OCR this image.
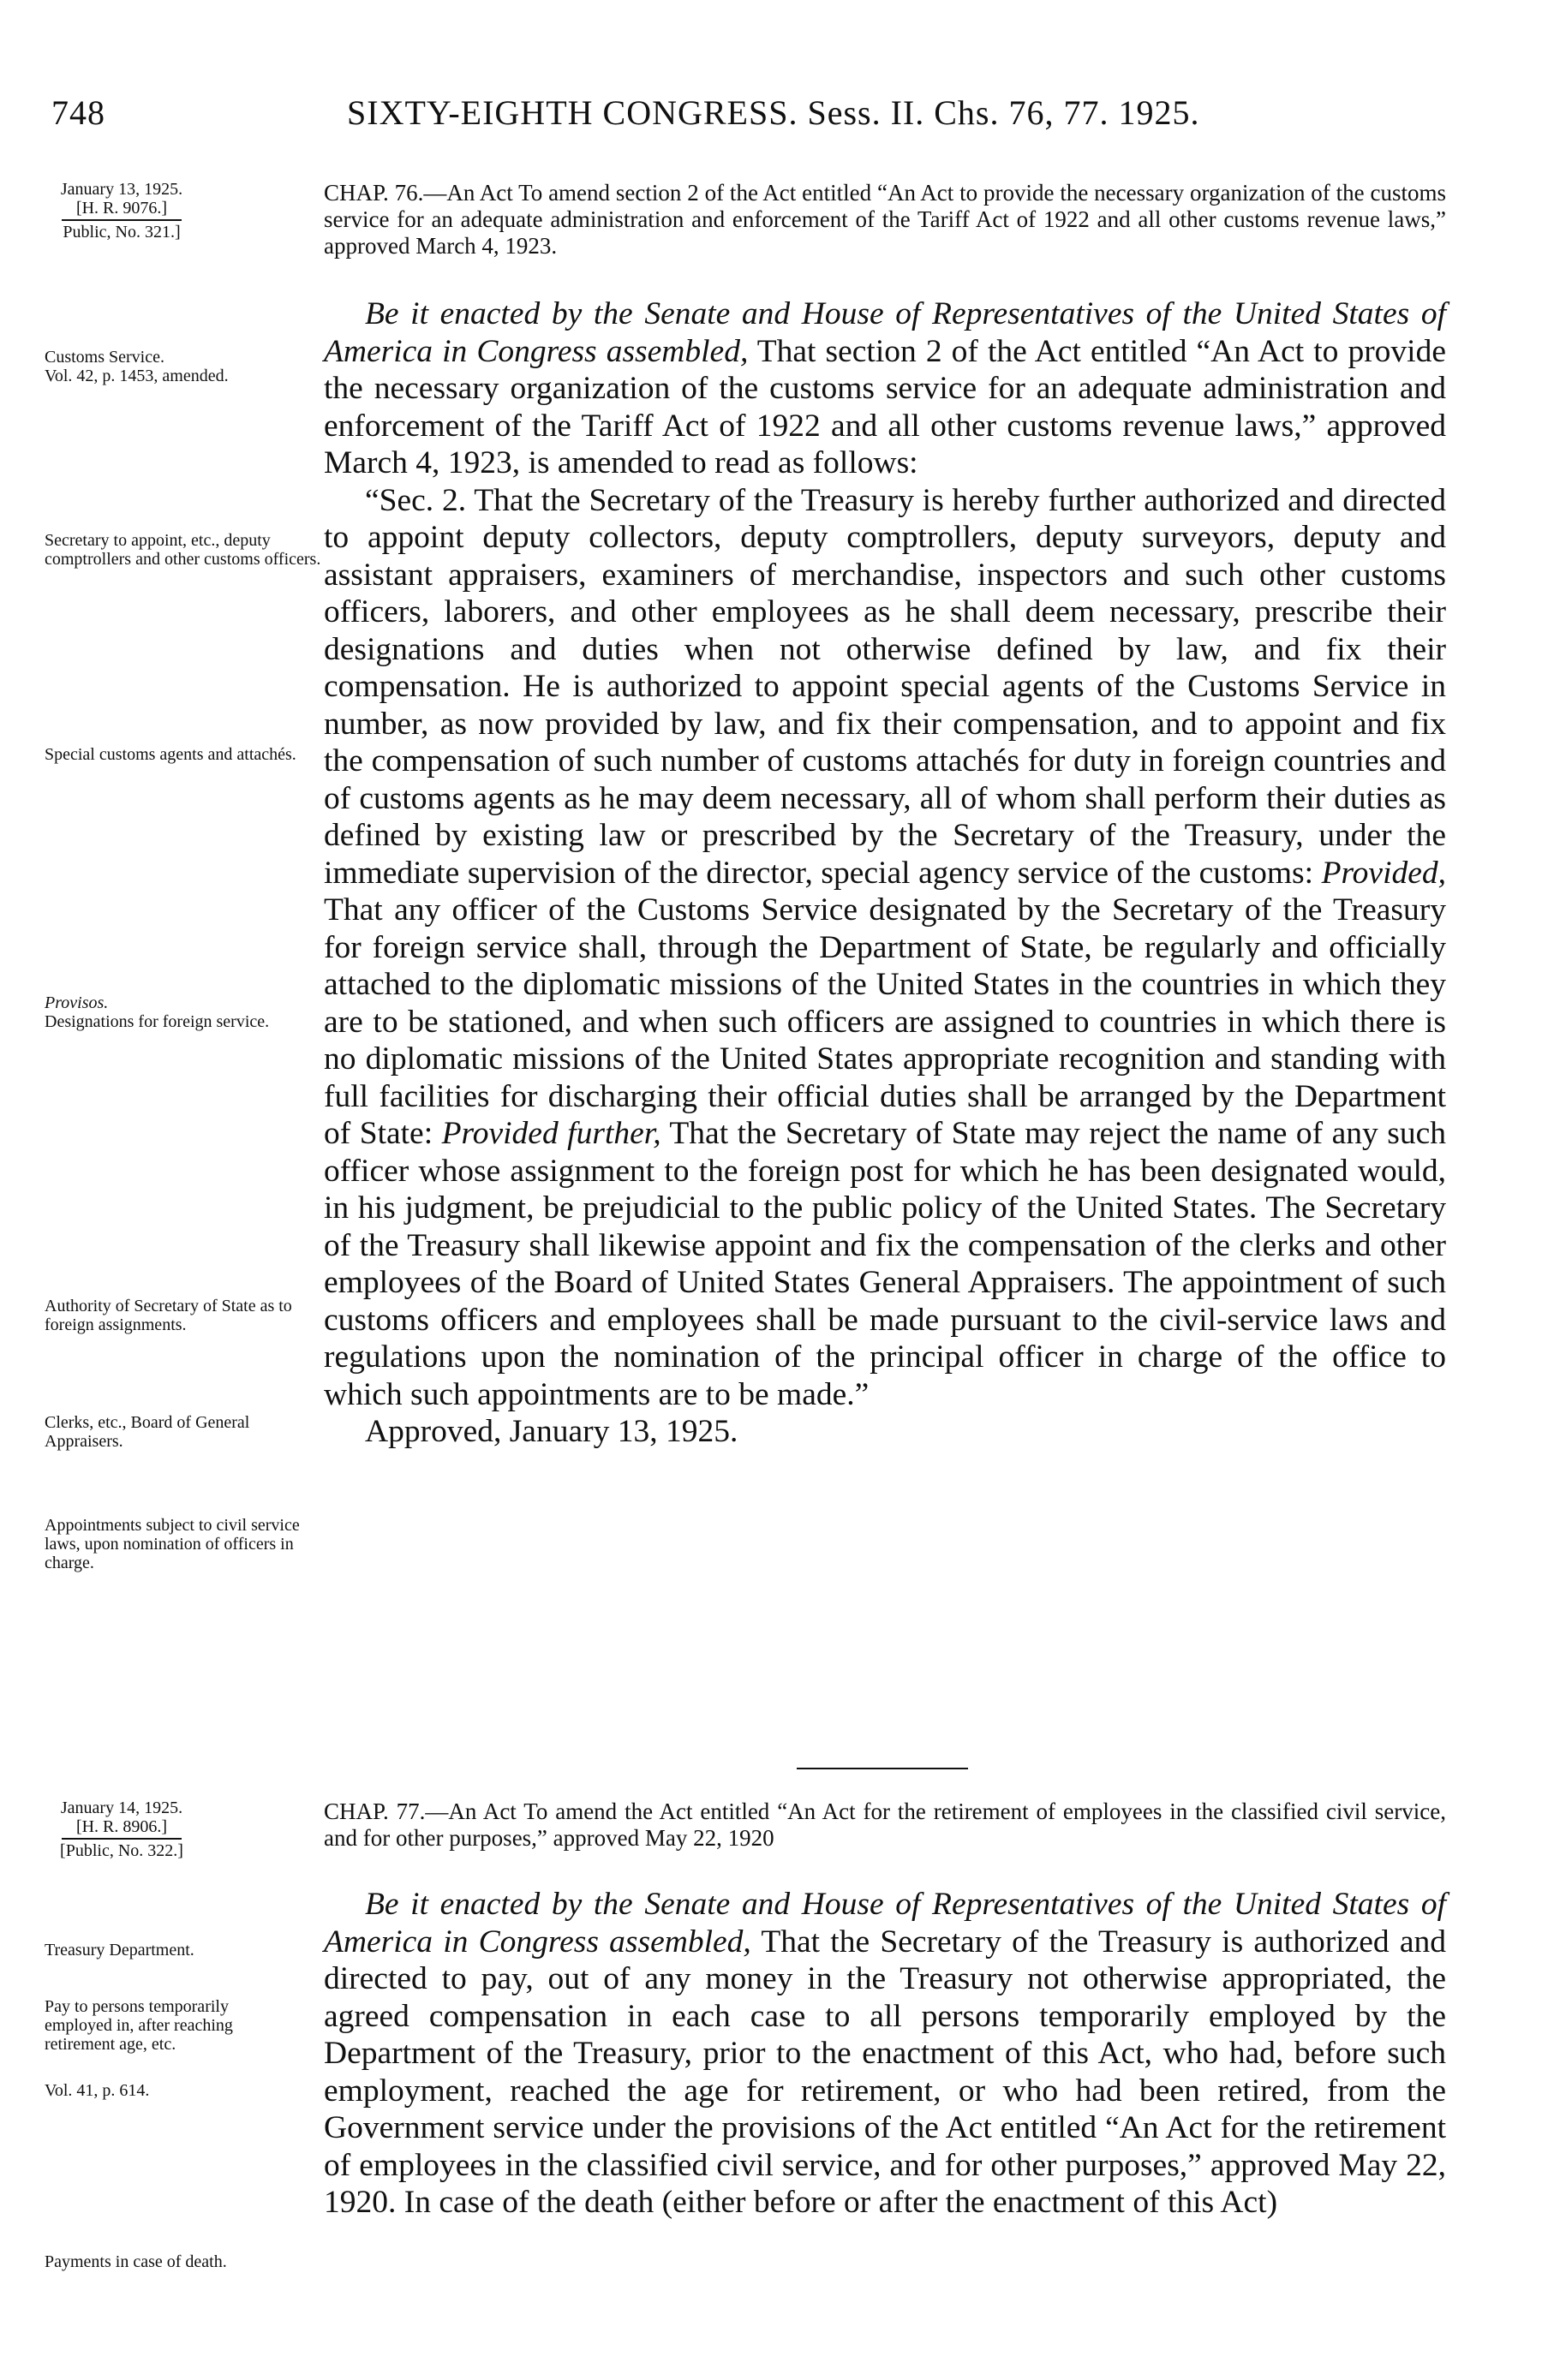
748	SIXTY-EIGHTH CONGRESS. Sess. II. Chs. 76, 77. 1925.
January 13, 1925.
[H. R. 9076.]
Public, No. 321.]
Customs Service.
Vol. 42, p. 1453, amended.
Secretary to appoint, etc., deputy comptrollers and other customs officers.
Special customs agents and attachés.
Provisos.
Designations for foreign service.
Authority of Secretary of State as to foreign assignments.
Clerks, etc., Board of General Appraisers.
Appointments subject to civil service laws, upon nomination of officers in charge.
CHAP. 76.—An Act To amend section 2 of the Act entitled “An Act to provide the necessary organization of the customs service for an adequate administration and enforcement of the Tariff Act of 1922 and all other customs revenue laws,” approved March 4, 1923.

Be it enacted by the Senate and House of Representatives of the United States of America in Congress assembled, That section 2 of the Act entitled “An Act to provide the necessary organization of the customs service for an adequate administration and enforcement of the Tariff Act of 1922 and all other customs revenue laws,” approved March 4, 1923, is amended to read as follows:

“Sec. 2. That the Secretary of the Treasury is hereby further authorized and directed to appoint deputy collectors, deputy comptrollers, deputy surveyors, deputy and assistant appraisers, examiners of merchandise, inspectors and such other customs officers, laborers, and other employees as he shall deem necessary, prescribe their designations and duties when not otherwise defined by law, and fix their compensation. He is authorized to appoint special agents of the Customs Service in number, as now provided by law, and fix their compensation, and to appoint and fix the compensation of such number of customs attachés for duty in foreign countries and of customs agents as he may deem necessary, all of whom shall perform their duties as defined by existing law or prescribed by the Secretary of the Treasury, under the immediate supervision of the director, special agency service of the customs: Provided, That any officer of the Customs Service designated by the Secretary of the Treasury for foreign service shall, through the Department of State, be regularly and officially attached to the diplomatic missions of the United States in the countries in which they are to be stationed, and when such officers are assigned to countries in which there is no diplomatic missions of the United States appropriate recognition and standing with full facilities for discharging their official duties shall be arranged by the Department of State: Provided further, That the Secretary of State may reject the name of any such officer whose assignment to the foreign post for which he has been designated would, in his judgment, be prejudicial to the public policy of the United States. The Secretary of the Treasury shall likewise appoint and fix the compensation of the clerks and other employees of the Board of United States General Appraisers. The appointment of such customs officers and employees shall be made pursuant to the civil-service laws and regulations upon the nomination of the principal officer in charge of the office to which such appointments are to be made.”

Approved, January 13, 1925.

January 14, 1925.
[H. R. 8906.]
[Public, No. 322.]
Treasury Department.
Pay to persons temporarily employed in, after reaching retirement age, etc.
Vol. 41, p. 614.
Payments in case of death.
CHAP. 77.—An Act To amend the Act entitled “An Act for the retirement of employees in the classified civil service, and for other purposes,” approved May 22, 1920

Be it enacted by the Senate and House of Representatives of the United States of America in Congress assembled, That the Secretary of the Treasury is authorized and directed to pay, out of any money in the Treasury not otherwise appropriated, the agreed compensation in each case to all persons temporarily employed by the Department of the Treasury, prior to the enactment of this Act, who had, before such employment, reached the age for retirement, or who had been retired, from the Government service under the provisions of the Act entitled “An Act for the retirement of employees in the classified civil service, and for other purposes,” approved May 22, 1920. In case of the death (either before or after the enactment of this Act)
